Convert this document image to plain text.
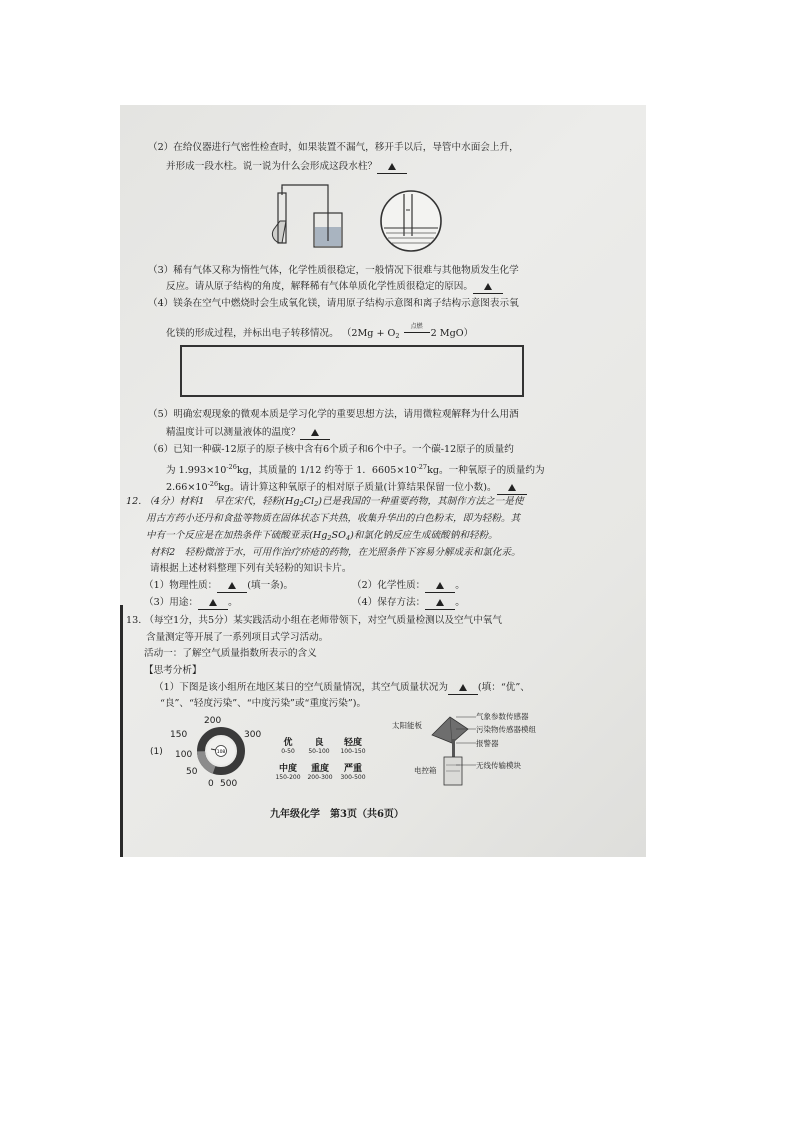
（2）在给仪器进行气密性检查时，如果装置不漏气，移开手以后，导管中水面会上升，
并形成一段水柱。说一说为什么会形成这段水柱？
（3）稀有气体又称为惰性气体，化学性质很稳定，一般情况下很难与其他物质发生化学
反应。请从原子结构的角度，解释稀有气体单质化学性质很稳定的原因。
（4）镁条在空气中燃烧时会生成氧化镁，请用原子结构示意图和离子结构示意图表示氧
化镁的形成过程，并标出电子转移情况。 （$2Mg + O_2$
点燃
2 MgO）
（5）明确宏观现象的微观本质是学习化学的重要思想方法，请用微粒观解释为什么用酒
精温度计可以测量液体的温度？
（6）已知一种碳-12原子的原子核中含有6个质子和6个中子。一个碳-12原子的质量约
为 $1.993\times 10^{-26}kg$，其质量的 1/12 约等于 1．$6605\times 10^{-27}kg$。一种氧原子的质量约为
$2.66\times 10^{-26}kg$。请计算这种氧原子的相对原子质量(计算结果保留一位小数)。
12. （4分）材料1　早在宋代，轻粉$(Hg_2Cl_2)$已是我国的一种重要药物，其制作方法之一是使
用古方药小还丹和食盐等物质在固体状态下共热，收集升华出的白色粉末，即为轻粉。其
中有一个反应是在加热条件下硫酸亚汞$(Hg_2SO_4)$和氯化钠反应生成硫酸钠和轻粉。
材料2　轻粉微溶于水，可用作治疗疥疮的药物，在光照条件下容易分解成汞和氯化汞。
请根据上述材料整理下列有关轻粉的知识卡片。
（1）物理性质：	(填一条)。	（2）化学性质：	。
（3）用途：	。	（4）保存方法：	。
13. （每空1分，共5分）某实践活动小组在老师带领下，对空气质量检测以及空气中氧气
含量测定等开展了一系列项目式学习活动。
活动一：了解空气质量指数所表示的含义
【思考分析】
（1）下图是该小组所在地区某日的空气质量情况，其空气质量状况为	(填：“优”、
“良”、“轻度污染”、“中度污染”或“重度污染”)。
(1)
200
150	300
100
50
0 500
108
优
0-50
良
50-100
轻度
100-150
中度
150-200
重度
200-300
严重
300-500
太阳能板
气象参数传感器
污染物传感器模组
报警器
无线传输模块
电控箱
九年级化学　第3页（共6页）
